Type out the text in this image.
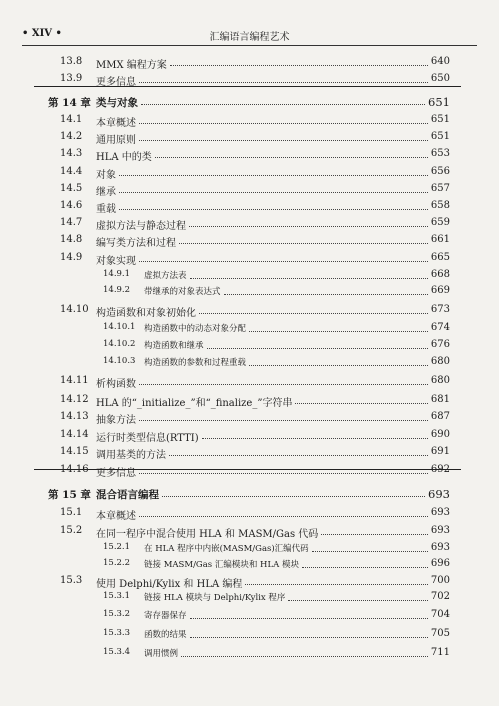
• XIV •	汇编语言编程艺术
13.8 MMX 编程方案	640
13.9 更多信息	650
第 14 章 类与对象	651
14.1 本章概述	651
14.2 通用原则	651
14.3 HLA 中的类	653
14.4 对象	656
14.5 继承	657
14.6 重载	658
14.7 虚拟方法与静态过程	659
14.8 编写类方法和过程	661
14.9 对象实现	665
14.9.1 虚拟方法表	668
14.9.2 带继承的对象表达式	669
14.10 构造函数和对象初始化	673
14.10.1 构造函数中的动态对象分配	674
14.10.2 构造函数和继承	676
14.10.3 构造函数的参数和过程重载	680
14.11 析构函数	680
14.12 HLA 的“_initialize_”和“_finalize_”字符串	681
14.13 抽象方法	687
14.14 运行时类型信息(RTTI)	690
14.15 调用基类的方法	691
14.16 更多信息	692
第 15 章 混合语言编程	693
15.1 本章概述	693
15.2 在同一程序中混合使用 HLA 和 MASM/Gas 代码	693
15.2.1 在 HLA 程序中内嵌(MASM/Gas)汇编代码	693
15.2.2 链接 MASM/Gas 汇编模块和 HLA 模块	696
15.3 使用 Delphi/Kylix 和 HLA 编程	700
15.3.1 链接 HLA 模块与 Delphi/Kylix 程序	702
15.3.2 寄存器保存	704
15.3.3 函数的结果	705
15.3.4 调用惯例	711
